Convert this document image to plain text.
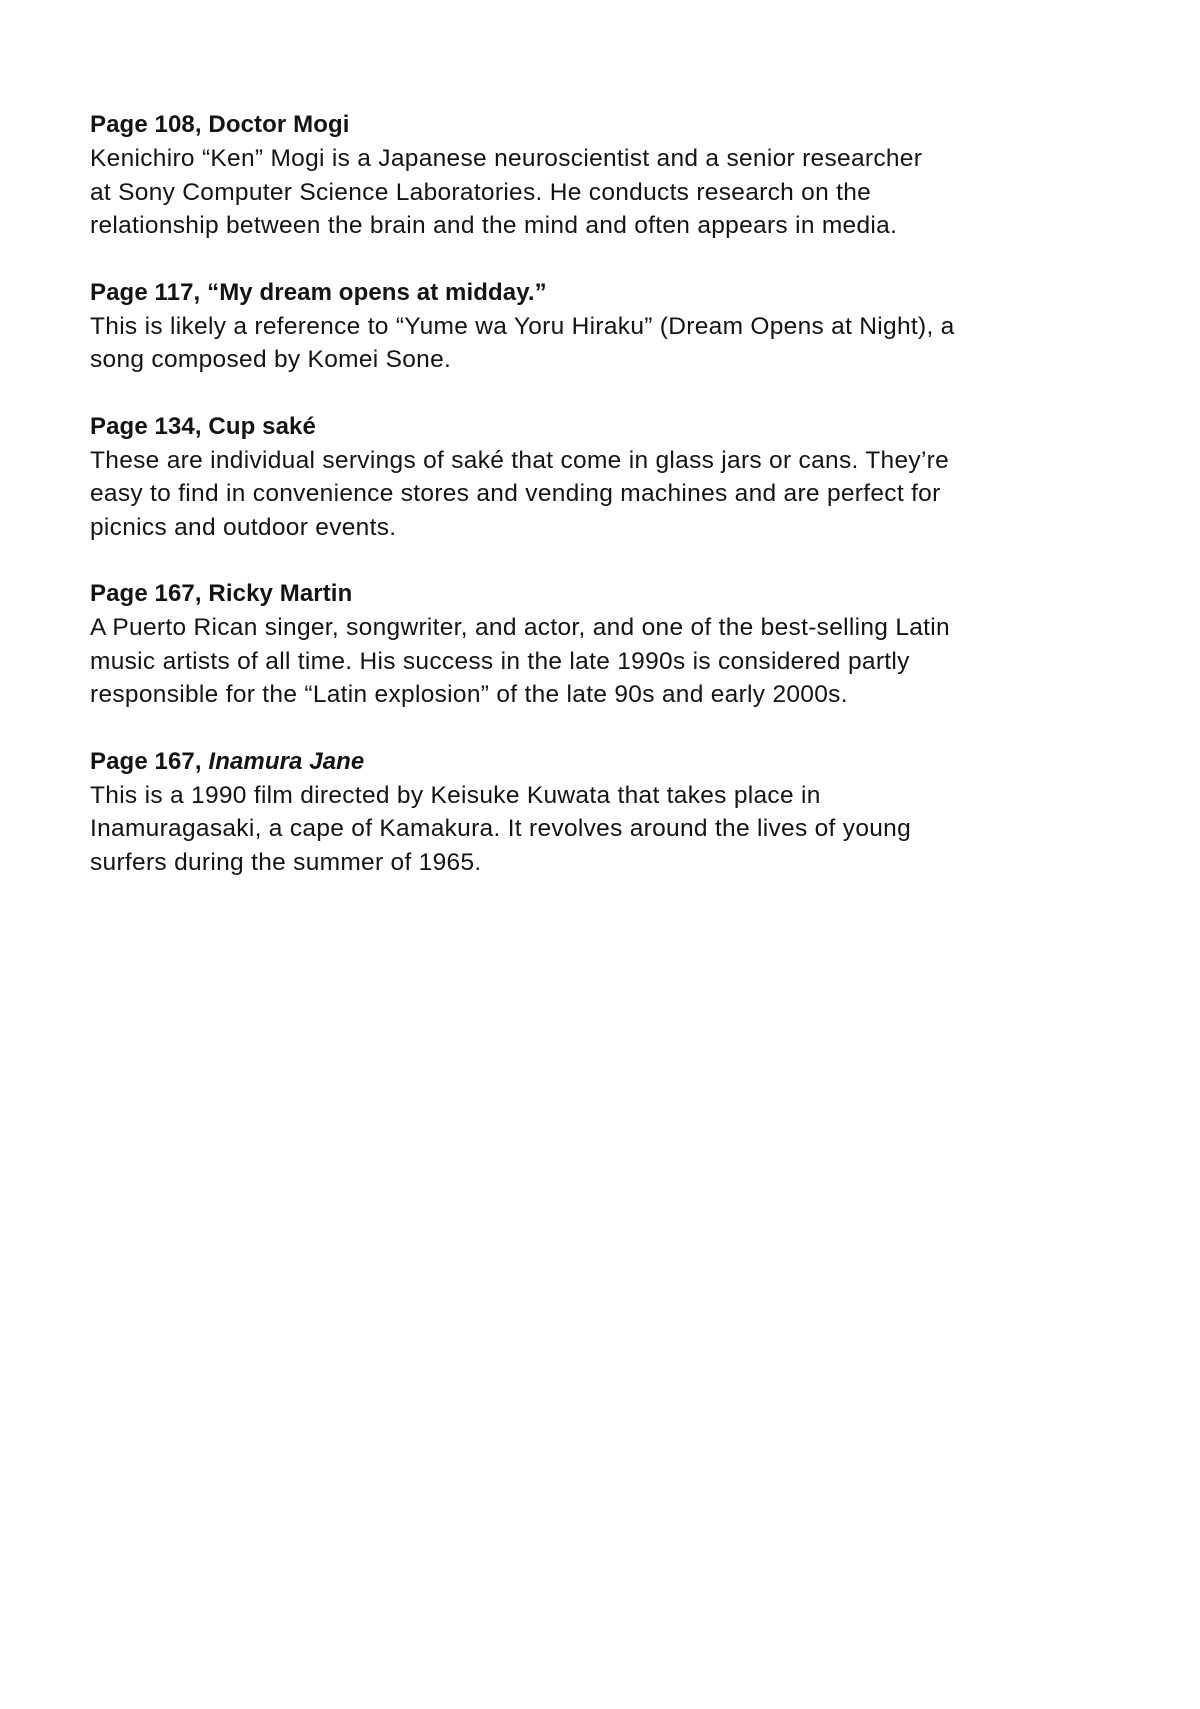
Page 108, Doctor Mogi

Kenichiro “Ken” Mogi is a Japanese neuroscientist and a senior researcher
at Sony Computer Science Laboratories. He conducts research on the
relationship between the brain and the mind and often appears in media.

Page 117, “My dream opens at midday.”

This is likely a reference to “Yume wa Yoru Hiraku” (Dream Opens at Night), a
song composed by Komei Sone.

Page 134, Cup saké

These are individual servings of saké that come in glass jars or cans. They’re
easy to find in convenience stores and vending machines and are perfect for
picnics and outdoor events.

Page 167, Ricky Martin

A Puerto Rican singer, songwriter, and actor, and one of the best-selling Latin
music artists of all time. His success in the late 1990s is considered partly
responsible for the “Latin explosion” of the late 90s and early 2000s.

Page 167, Inamura Jane

This is a 1990 film directed by Keisuke Kuwata that takes place in
Inamuragasaki, a cape of Kamakura. It revolves around the lives of young
surfers during the summer of 1965.
